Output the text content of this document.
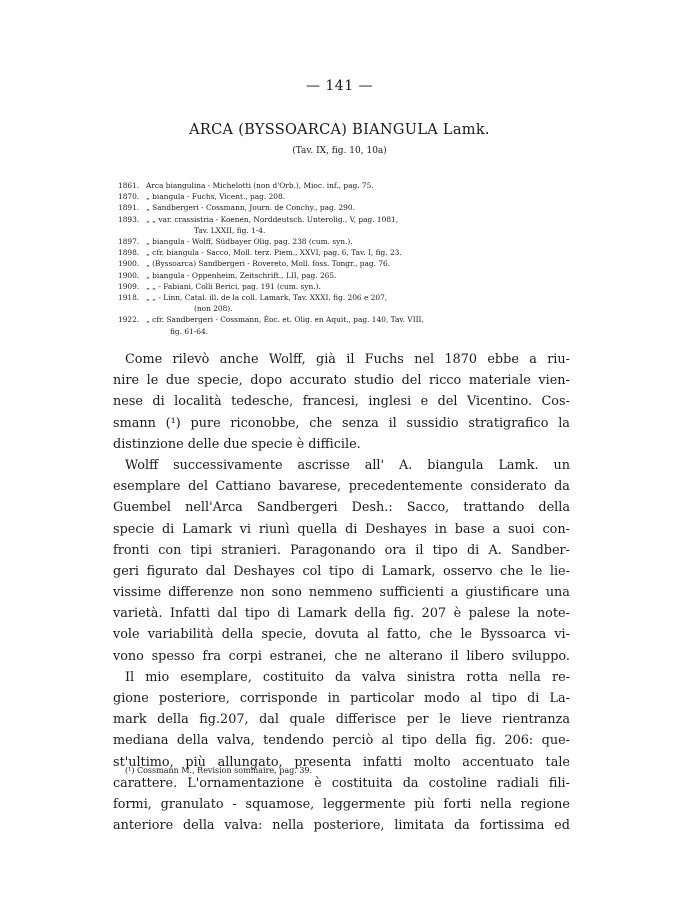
— 141 —
ARCA (BYSSOARCA) BIANGULA Lamk.
(Tav. IX, fig. 10, 10a)
1861. Arca biangulina - Michelotti (non d'Orb.), Mioc. inf., pag. 75.
1870. „ biangula - Fuchs, Vicent., pag. 208.
1891. „ Sandbergeri - Cossmann, Journ. de Conchy., pag. 290.
1893. „ „ var. crassistria - Koenen, Norddeutsch. Unterolig., V, pag. 1081,
Tav. LXXII, fig. 1-4.
1897. „ biangula - Wolff, Südbayer Olig. pag. 238 (cum. syn.).
1898. „ cfr. biangula - Sacco, Moll. terz. Piem., XXVI, pag. 6, Tav. I, fig. 23.
1900. „ (Byssoarca) Sandbergeri - Rovereto, Moll. foss. Tongr., pag. 76.
1900. „ biangula - Oppenheim, Zeitschrift., LII, pag. 265.
1909. „ „ - Fabiani, Colli Berici, pag. 191 (cum. syn.).
1918. „ „ - Linn, Catal. ill. de la coll. Lamark, Tav. XXXI, fig. 206 e 207,
(non 208).
1922. „ cfr. Sandbergeri - Cossmann, Éoc. et. Olig. en Aquit., pag. 140, Tav. VIII,
fig. 61-64.
Come rilevò anche Wolff, già il Fuchs nel 1870 ebbe a riu-
nire le due specie, dopo accurato studio del ricco materiale vien-
nese di località tedesche, francesi, inglesi e del Vicentino. Cos-
smann (¹) pure riconobbe, che senza il sussidio stratigrafico la
distinzione delle due specie è difficile.
Wolff successivamente ascrisse all' A. biangula Lamk. un
esemplare del Cattiano bavarese, precedentemente considerato da
Guembel nell'Arca Sandbergeri Desh.: Sacco, trattando della
specie di Lamark vi riunì quella di Deshayes in base a suoi con-
fronti con tipi stranieri. Paragonando ora il tipo di A. Sandber-
geri figurato dal Deshayes col tipo di Lamark, osservo che le lie-
vissime differenze non sono nemmeno sufficienti a giustificare una
varietà. Infatti dal tipo di Lamark della fig. 207 è palese la note-
vole variabilità della specie, dovuta al fatto, che le Byssoarca vi-
vono spesso fra corpi estranei, che ne alterano il libero sviluppo.
Il mio esemplare, costituito da valva sinistra rotta nella re-
gione posteriore, corrisponde in particolar modo al tipo di La-
mark della fig.207, dal quale differisce per le lieve rientranza
mediana della valva, tendendo perciò al tipo della fig. 206: que-
st'ultimo, più allungato, presenta infatti molto accentuato tale
carattere. L'ornamentazione è costituita da costoline radiali fili-
formi, granulato - squamose, leggermente più forti nella regione
anteriore della valva: nella posteriore, limitata da fortissima ed
(¹) Cossmann M., Revision sommaire, pag. 39.
